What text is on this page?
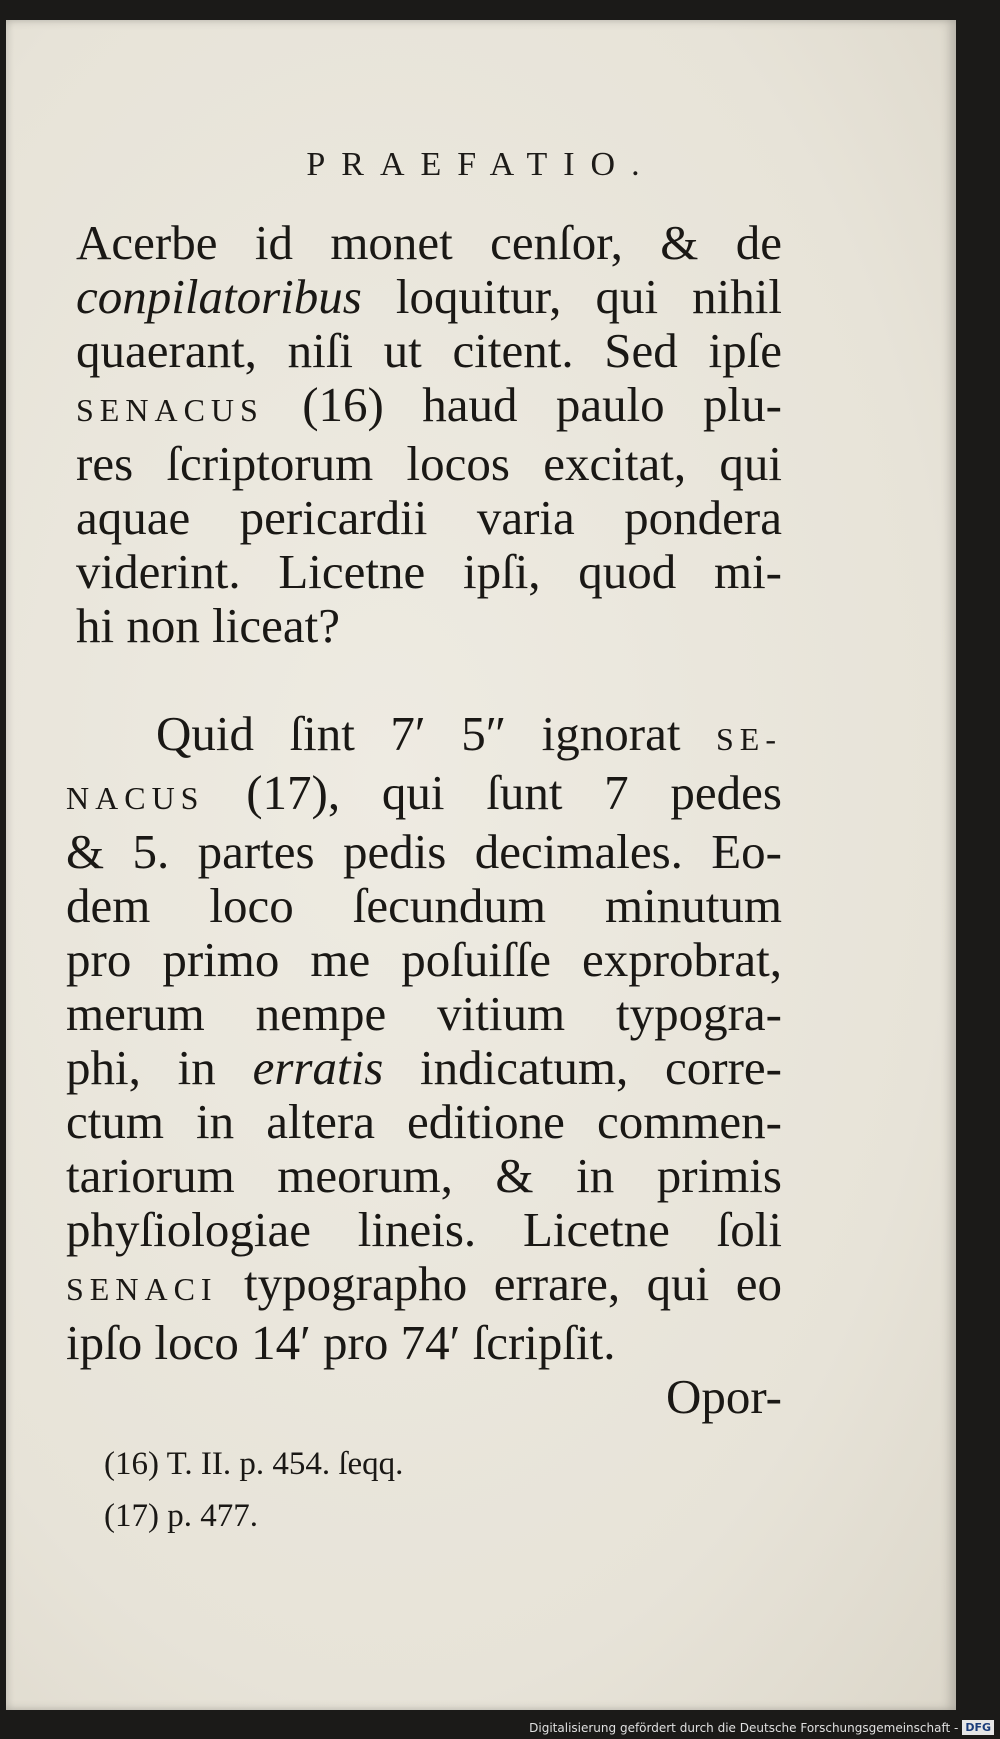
PRAEFATIO.
Acerbe id monet cenſor, & de
conpilatoribus loquitur, qui nihil
quaerant, niſi ut citent. Sed ipſe
SENACUS (16) haud paulo plu-
res ſcriptorum locos excitat, qui
aquae pericardii varia pondera
viderint. Licetne ipſi, quod mi-
hi non liceat?
Quid ſint 7′ 5″ ignorat SE-
NACUS (17), qui ſunt 7 pedes
& 5. partes pedis decimales. Eo-
dem loco ſecundum minutum
pro primo me poſuiſſe exprobrat,
merum nempe vitium typogra-
phi, in erratis indicatum, corre-
ctum in altera editione commen-
tariorum meorum, & in primis
phyſiologiae lineis. Licetne ſoli
SENACI typographo errare, qui eo
ipſo loco 14′ pro 74′ ſcripſit.
Opor-
(16) T. II. p. 454. ſeqq.
(17) p. 477.
Digitalisierung gefördert durch die Deutsche Forschungsgemeinschaft - DFG
